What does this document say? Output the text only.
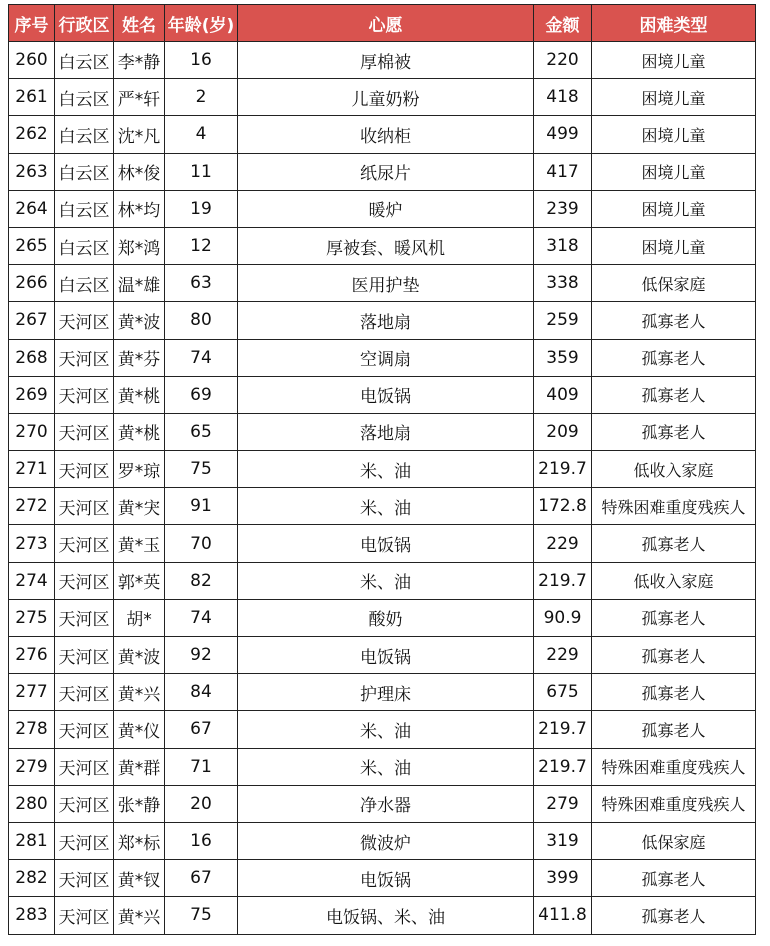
序号	行政区	姓名	年龄(岁)	心愿	金额	困难类型
260	白云区	李*静	16	厚棉被	220	困境儿童
261	白云区	严*轩	2	儿童奶粉	418	困境儿童
262	白云区	沈*凡	4	收纳柜	499	困境儿童
263	白云区	林*俊	11	纸尿片	417	困境儿童
264	白云区	林*均	19	暖炉	239	困境儿童
265	白云区	郑*鸿	12	厚被套、暖风机	318	困境儿童
266	白云区	温*雄	63	医用护垫	338	低保家庭
267	天河区	黄*波	80	落地扇	259	孤寡老人
268	天河区	黄*芬	74	空调扇	359	孤寡老人
269	天河区	黄*桃	69	电饭锅	409	孤寡老人
270	天河区	黄*桃	65	落地扇	209	孤寡老人
271	天河区	罗*琼	75	米、油	219.7	低收入家庭
272	天河区	黄*宊	91	米、油	172.8	特殊困难重度残疾人
273	天河区	黄*玉	70	电饭锅	229	孤寡老人
274	天河区	郭*英	82	米、油	219.7	低收入家庭
275	天河区	胡*	74	酸奶	90.9	孤寡老人
276	天河区	黄*波	92	电饭锅	229	孤寡老人
277	天河区	黄*兴	84	护理床	675	孤寡老人
278	天河区	黄*仪	67	米、油	219.7	孤寡老人
279	天河区	黄*群	71	米、油	219.7	特殊困难重度残疾人
280	天河区	张*静	20	净水器	279	特殊困难重度残疾人
281	天河区	郑*标	16	微波炉	319	低保家庭
282	天河区	黄*钗	67	电饭锅	399	孤寡老人
283	天河区	黄*兴	75	电饭锅、米、油	411.8	孤寡老人
